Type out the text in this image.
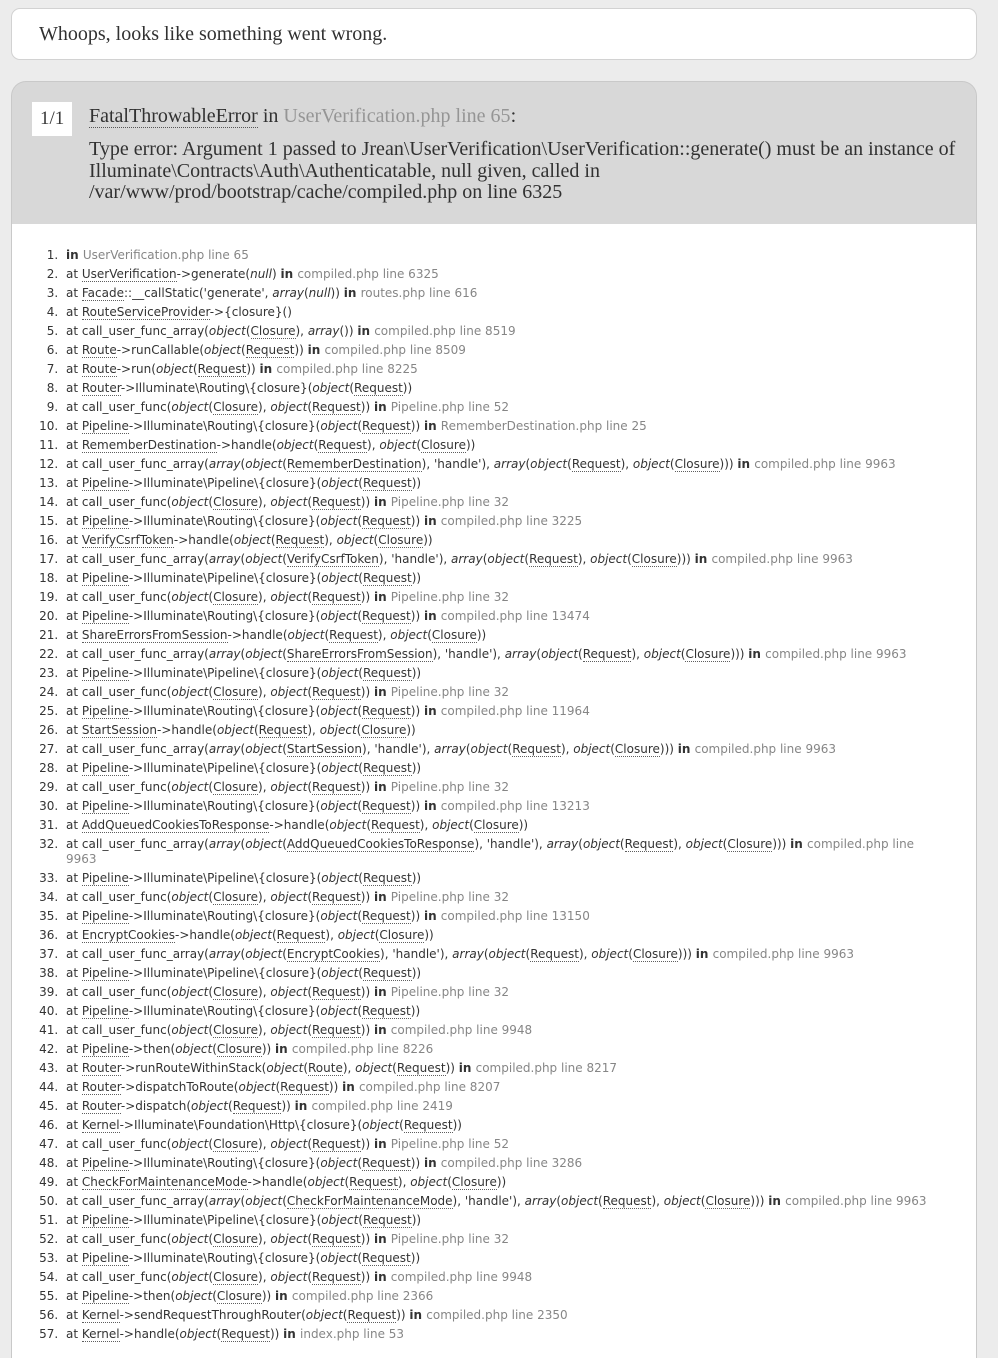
Whoops, looks like something went wrong.
1/1	FatalThrowableError in UserVerification.php line 65:
Type error: Argument 1 passed to Jrean\UserVerification\UserVerification::generate() must be an instance of Illuminate\Contracts\Auth\Authenticatable, null given, called in /var/www/prod/bootstrap/cache/compiled.php on line 6325
1. in UserVerification.php line 65
2. at UserVerification->generate(null) in compiled.php line 6325
3. at Facade::__callStatic('generate', array(null)) in routes.php line 616
4. at RouteServiceProvider->{closure}()
5. at call_user_func_array(object(Closure), array()) in compiled.php line 8519
6. at Route->runCallable(object(Request)) in compiled.php line 8509
7. at Route->run(object(Request)) in compiled.php line 8225
8. at Router->Illuminate\Routing\{closure}(object(Request))
9. at call_user_func(object(Closure), object(Request)) in Pipeline.php line 52
10. at Pipeline->Illuminate\Routing\{closure}(object(Request)) in RememberDestination.php line 25
11. at RememberDestination->handle(object(Request), object(Closure))
12. at call_user_func_array(array(object(RememberDestination), 'handle'), array(object(Request), object(Closure))) in compiled.php line 9963
13. at Pipeline->Illuminate\Pipeline\{closure}(object(Request))
14. at call_user_func(object(Closure), object(Request)) in Pipeline.php line 32
15. at Pipeline->Illuminate\Routing\{closure}(object(Request)) in compiled.php line 3225
16. at VerifyCsrfToken->handle(object(Request), object(Closure))
17. at call_user_func_array(array(object(VerifyCsrfToken), 'handle'), array(object(Request), object(Closure))) in compiled.php line 9963
18. at Pipeline->Illuminate\Pipeline\{closure}(object(Request))
19. at call_user_func(object(Closure), object(Request)) in Pipeline.php line 32
20. at Pipeline->Illuminate\Routing\{closure}(object(Request)) in compiled.php line 13474
21. at ShareErrorsFromSession->handle(object(Request), object(Closure))
22. at call_user_func_array(array(object(ShareErrorsFromSession), 'handle'), array(object(Request), object(Closure))) in compiled.php line 9963
23. at Pipeline->Illuminate\Pipeline\{closure}(object(Request))
24. at call_user_func(object(Closure), object(Request)) in Pipeline.php line 32
25. at Pipeline->Illuminate\Routing\{closure}(object(Request)) in compiled.php line 11964
26. at StartSession->handle(object(Request), object(Closure))
27. at call_user_func_array(array(object(StartSession), 'handle'), array(object(Request), object(Closure))) in compiled.php line 9963
28. at Pipeline->Illuminate\Pipeline\{closure}(object(Request))
29. at call_user_func(object(Closure), object(Request)) in Pipeline.php line 32
30. at Pipeline->Illuminate\Routing\{closure}(object(Request)) in compiled.php line 13213
31. at AddQueuedCookiesToResponse->handle(object(Request), object(Closure))
32. at call_user_func_array(array(object(AddQueuedCookiesToResponse), 'handle'), array(object(Request), object(Closure))) in compiled.php line 9963
33. at Pipeline->Illuminate\Pipeline\{closure}(object(Request))
34. at call_user_func(object(Closure), object(Request)) in Pipeline.php line 32
35. at Pipeline->Illuminate\Routing\{closure}(object(Request)) in compiled.php line 13150
36. at EncryptCookies->handle(object(Request), object(Closure))
37. at call_user_func_array(array(object(EncryptCookies), 'handle'), array(object(Request), object(Closure))) in compiled.php line 9963
38. at Pipeline->Illuminate\Pipeline\{closure}(object(Request))
39. at call_user_func(object(Closure), object(Request)) in Pipeline.php line 32
40. at Pipeline->Illuminate\Routing\{closure}(object(Request))
41. at call_user_func(object(Closure), object(Request)) in compiled.php line 9948
42. at Pipeline->then(object(Closure)) in compiled.php line 8226
43. at Router->runRouteWithinStack(object(Route), object(Request)) in compiled.php line 8217
44. at Router->dispatchToRoute(object(Request)) in compiled.php line 8207
45. at Router->dispatch(object(Request)) in compiled.php line 2419
46. at Kernel->Illuminate\Foundation\Http\{closure}(object(Request))
47. at call_user_func(object(Closure), object(Request)) in Pipeline.php line 52
48. at Pipeline->Illuminate\Routing\{closure}(object(Request)) in compiled.php line 3286
49. at CheckForMaintenanceMode->handle(object(Request), object(Closure))
50. at call_user_func_array(array(object(CheckForMaintenanceMode), 'handle'), array(object(Request), object(Closure))) in compiled.php line 9963
51. at Pipeline->Illuminate\Pipeline\{closure}(object(Request))
52. at call_user_func(object(Closure), object(Request)) in Pipeline.php line 32
53. at Pipeline->Illuminate\Routing\{closure}(object(Request))
54. at call_user_func(object(Closure), object(Request)) in compiled.php line 9948
55. at Pipeline->then(object(Closure)) in compiled.php line 2366
56. at Kernel->sendRequestThroughRouter(object(Request)) in compiled.php line 2350
57. at Kernel->handle(object(Request)) in index.php line 53
